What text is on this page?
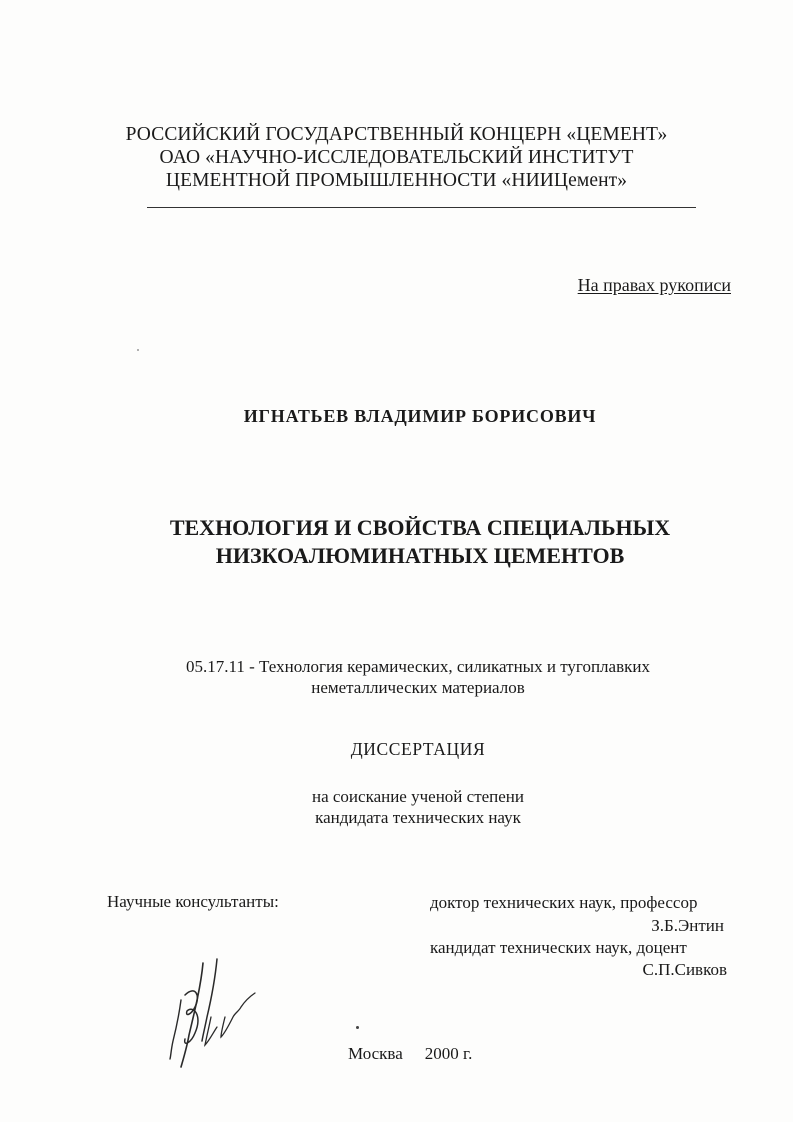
РОССИЙСКИЙ ГОСУДАРСТВЕННЫЙ КОНЦЕРН «ЦЕМЕНТ»
ОАО «НАУЧНО-ИССЛЕДОВАТЕЛЬСКИЙ ИНСТИТУТ
ЦЕМЕНТНОЙ ПРОМЫШЛЕННОСТИ «НИИЦемент»
На правах рукописи
ИГНАТЬЕВ ВЛАДИМИР БОРИСОВИЧ
ТЕХНОЛОГИЯ И СВОЙСТВА СПЕЦИАЛЬНЫХ
НИЗКОАЛЮМИНАТНЫХ ЦЕМЕНТОВ
05.17.11 - Технология керамических, силикатных и тугоплавких
неметаллических материалов
ДИССЕРТАЦИЯ
на соискание ученой степени
кандидата технических наук
Научные консультанты:	доктор технических наук, профессор
З.Б.Энтин
кандидат технических наук, доцент
С.П.Сивков
Москва 2000 г.
